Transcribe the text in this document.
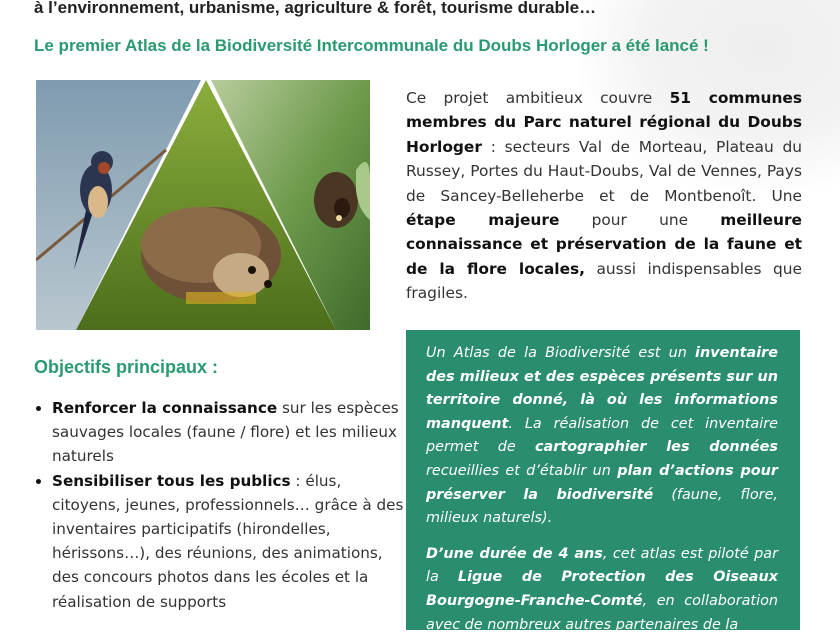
à l’environnement, urbanisme, agriculture & forêt, tourisme durable…
Le premier Atlas de la Biodiversité Intercommunale du Doubs Horloger a été lancé !
Ce projet ambitieux couvre 51 communes membres du Parc naturel régional du Doubs Horloger : secteurs Val de Morteau, Plateau du Russey, Portes du Haut-Doubs, Val de Vennes, Pays de Sancey-Belleherbe et de Montbenoît. Une étape majeure pour une meilleure connaissance et préservation de la faune et de la flore locales, aussi indispensables que fragiles.
Objectifs principaux :
• Renforcer la connaissance sur les espèces sauvages locales (faune / flore) et les milieux naturels
• Sensibiliser tous les publics : élus, citoyens, jeunes, professionnels… grâce à des inventaires participatifs (hirondelles, hérissons…), des réunions, des animations, des concours photos dans les écoles et la réalisation de supports

Un Atlas de la Biodiversité est un inventaire des milieux et des espèces présents sur un territoire donné, là où les informations manquent. La réalisation de cet inventaire permet de cartographier les données recueillies et d’établir un plan d’actions pour préserver la biodiversité (faune, flore, milieux naturels).

D’une durée de 4 ans, cet atlas est piloté par la Ligue de Protection des Oiseaux Bourgogne-Franche-Comté, en collaboration avec de nombreux autres partenaires de la
